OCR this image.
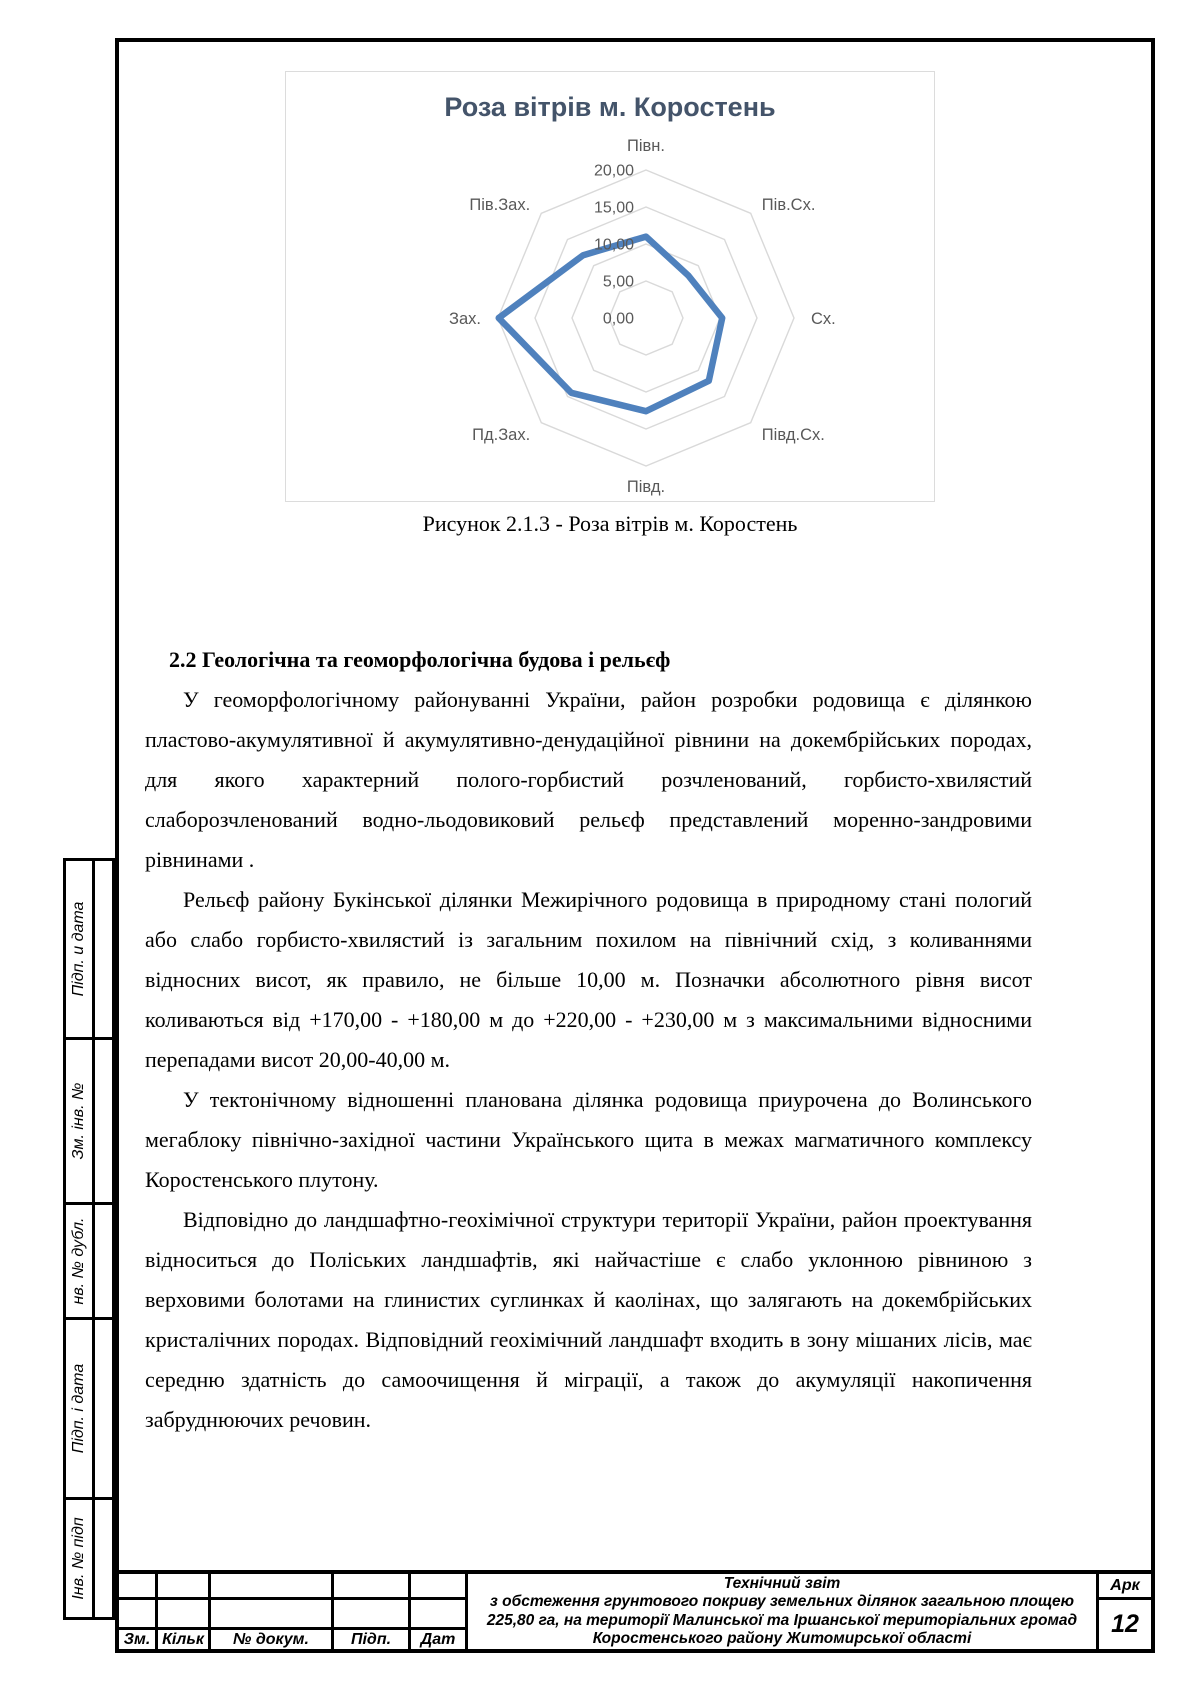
Роза вітрів м. Коростень
0,00
5,00
10,00
15,00
20,00
Півн.
Пів.Сх.
Сх.
Півд.Сх.
Півд.
Пд.Зах.
Зах.
Пів.Зах.
Рисунок 2.1.3 - Роза вітрів м. Коростень
2.2 Геологічна та геоморфологічна будова і рельєф

У геоморфологічному районуванні України, район розробки родовища є ділянкою пластово-акумулятивної й акумулятивно-денудаційної рівнини на докембрійських породах, для якого характерний полого-горбистий розчленований, горбисто-хвилястий слаборозчленований водно-льодовиковий рельєф представлений моренно-зандровими рівнинами .

Рельєф району Букінської ділянки Межирічного родовища в природному стані пологий або слабо горбисто-хвилястий із загальним похилом на північний схід, з коливаннями відносних висот, як правило, не більше 10,00 м. Позначки абсолютного рівня висот коливаються від +170,00 - +180,00 м до +220,00 - +230,00 м з максимальними відносними перепадами висот 20,00-40,00 м.

У тектонічному відношенні планована ділянка родовища приурочена до Волинського мегаблоку північно-західної частини Українського щита в межах магматичного комплексу Коростенського плутону.

Відповідно до ландшафтно-геохімічної структури території України, район проектування відноситься до Поліських ландшафтів, які найчастіше є слабо уклонною рівниною з верховими болотами на глинистих суглинках й каолінах, що залягають на докембрійських кристалічних породах. Відповідний геохімічний ландшафт входить в зону мішаних лісів, має середню здатність до самоочищення й міграції, а також до акумуляції накопичення забруднюючих речовин.

Підп. и дата
Зм. інв. №
нв. № дубл.
Підп. і дата
Інв. № підп
Зм. Кільк	№ докум.	Підп.	Дат
Технічний звіт
з обстеження грунтового покриву земельних ділянок загальною площею
225,80 га, на території Малинської та Іршанської територіальних громад
Коростенського району Житомирської області
Арк
12
